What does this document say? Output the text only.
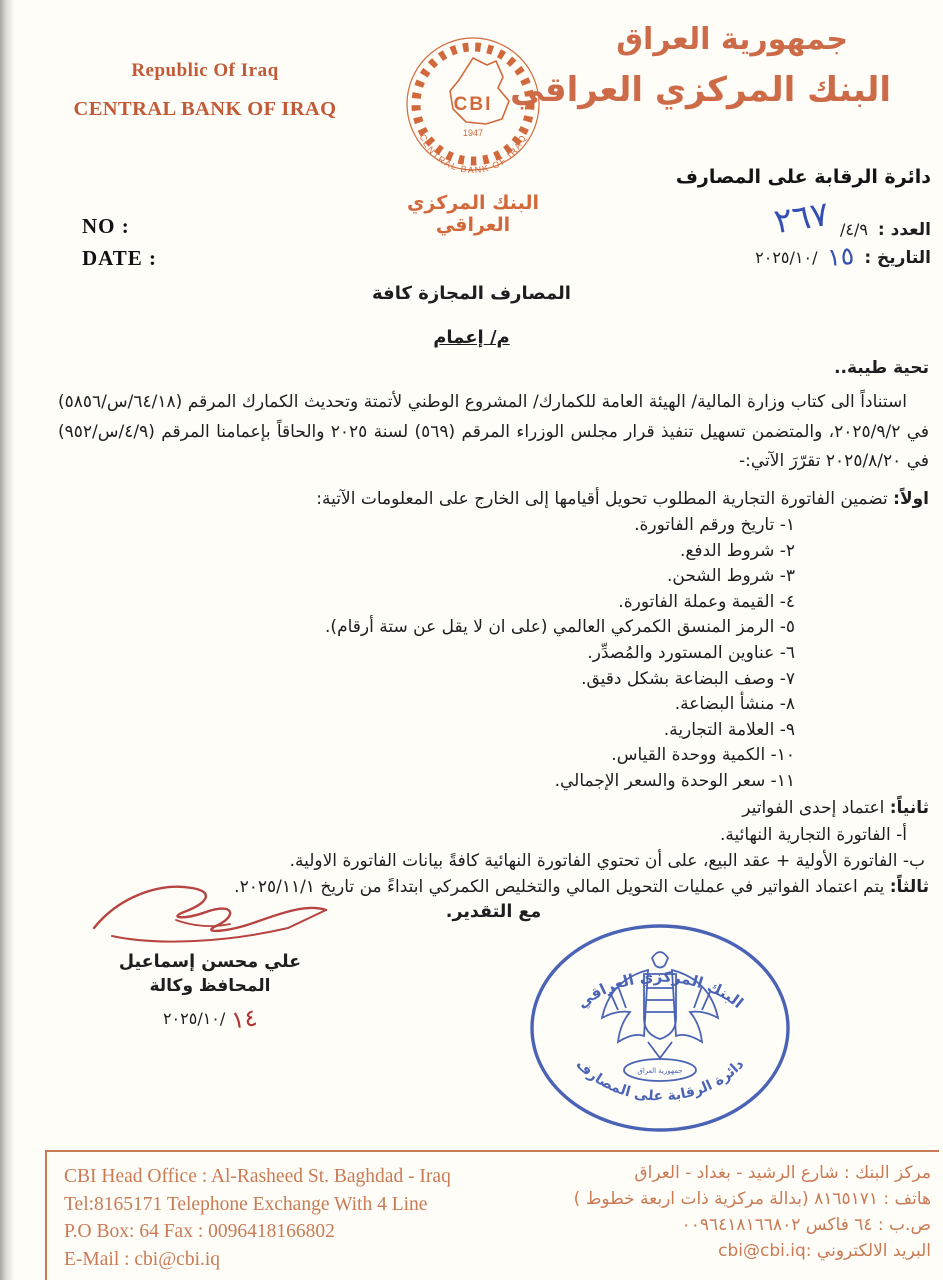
Republic Of Iraq
CENTRAL BANK OF IRAQ	CBI
1947
CENTRAL BANK OF IRAQ
البنك المركزي العراقي
جمهورية العراق
البنك المركزي العراقي
دائرة الرقابة على المصارف
العدد :
/٤/٩
٢٦٧
التاريخ :
١٥
٢٠٢٥/١٠/
NO :
DATE :
المصارف المجازة كافة
م/ إعمام
تحية طيبة..
استناداً الى كتاب وزارة المالية/ الهيئة العامة للكمارك/ المشروع الوطني لأتمتة وتحديث الكمارك المرقم (٦٤/١٨/س/٥٨٥٦) في ٢٠٢٥/٩/٢، والمتضمن تسهيل تنفيذ قرار مجلس الوزراء المرقم (٥٦٩) لسنة ٢٠٢٥ والحاقاً بإعمامنا المرقم (٤/٩/س/٩٥٢) في ٢٠٢٥/٨/٢٠ تقرّرَ الآتي:-
اولاً: تضمين الفاتورة التجارية المطلوب تحويل أقيامها إلى الخارج على المعلومات الآتية:
١- تاريخ ورقم الفاتورة.
٢- شروط الدفع.
٣- شروط الشحن.
٤- القيمة وعملة الفاتورة.
٥- الرمز المنسق الكمركي العالمي (على ان لا يقل عن ستة أرقام).
٦- عناوين المستورد والمُصدِّر.
٧- وصف البضاعة بشكل دقيق.
٨- منشأ البضاعة.
٩- العلامة التجارية.
١٠- الكمية ووحدة القياس.
١١- سعر الوحدة والسعر الإجمالي.
ثانياً: اعتماد إحدى الفواتير
أ- الفاتورة التجارية النهائية.
ب- الفاتورة الأولية + عقد البيع، على أن تحتوي الفاتورة النهائية كافةً بيانات الفاتورة الاولية.
ثالثاً: يتم اعتماد الفواتير في عمليات التحويل المالي والتخليص الكمركي ابتداءً من تاريخ ٢٠٢٥/١١/١.
مع التقدير.
علي محسن إسماعيل
المحافظ وكالة
١٤
٢٠٢٥/١٠/
البنك المركزي العراقي
دائرة الرقابة على المصارف
جمهورية العراق
CBI Head Office : Al-Rasheed St. Baghdad - Iraq
Tel:8165171 Telephone Exchange With 4 Line
P.O Box: 64 Fax : 0096418166802
E-Mail : cbi@cbi.iq
مركز البنك : شارع الرشيد - بغداد - العراق
هاتف : ٨١٦٥١٧١ (بدالة مركزية ذات اربعة خطوط )
ص.ب : ٦٤ فاكس ٠٠٩٦٤١٨١٦٦٨٠٢
البريد الالكتروني :cbi@cbi.iq
